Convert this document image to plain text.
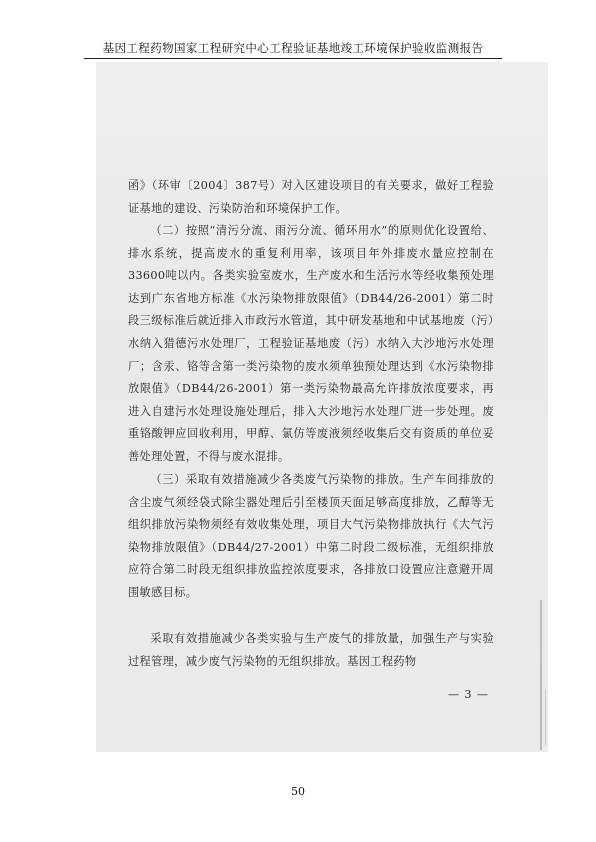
基因工程药物国家工程研究中心工程验证基地竣工环境保护验收监测报告

函》（环审〔2004〕387号）对入区建设项目的有关要求，做好工程验证基地的建设、污染防治和环境保护工作。

（二）按照“清污分流、雨污分流、循环用水”的原则优化设置给、排水系统，提高废水的重复利用率，该项目年外排废水量应控制在33600吨以内。各类实验室废水，生产废水和生活污水等经收集预处理达到广东省地方标准《水污染物排放限值》（DB44/26-2001）第二时段三级标准后就近排入市政污水管道，其中研发基地和中试基地废（污）水纳入猎德污水处理厂，工程验证基地废（污）水纳入大沙地污水处理厂；含汞、铬等含第一类污染物的废水须单独预处理达到《水污染物排放限值》（DB44/26-2001）第一类污染物最高允许排放浓度要求，再进入自建污水处理设施处理后，排入大沙地污水处理厂进一步处理。废重铬酸钾应回收利用，甲醇、氯仿等废液须经收集后交有资质的单位妥善处理处置，不得与废水混排。

（三）采取有效措施减少各类废气污染物的排放。生产车间排放的含尘废气须经袋式除尘器处理后引至楼顶天面足够高度排放，乙醇等无组织排放污染物须经有效收集处理，项目大气污染物排放执行《大气污染物排放限值》（DB44/27-2001）中第二时段二级标准，无组织排放应符合第二时段无组织排放监控浓度要求，各排放口设置应注意避开周围敏感目标。

采取有效措施减少各类实验与生产废气的排放量，加强生产与实验过程管理，减少废气污染物的无组织排放。基因工程药物

— 3 —
50
